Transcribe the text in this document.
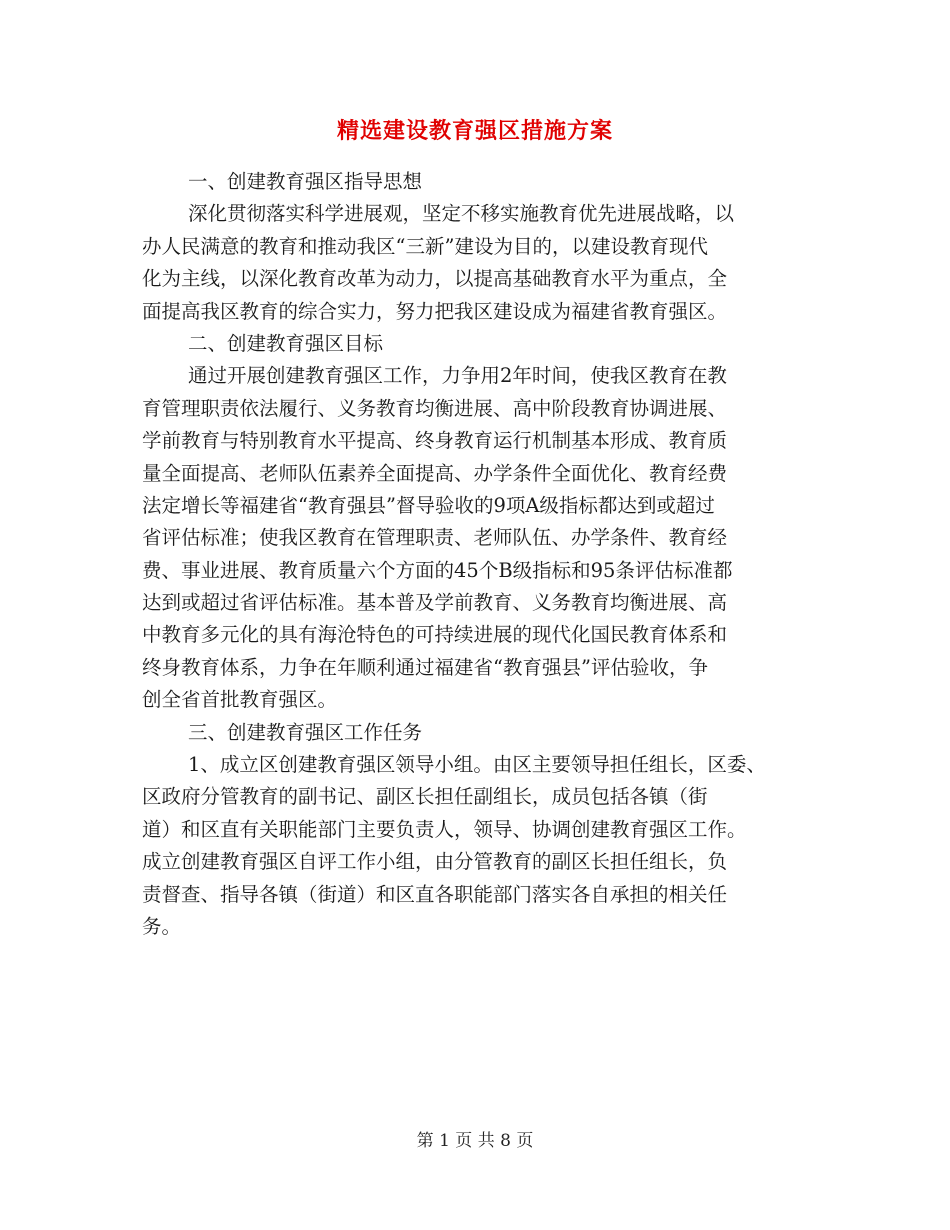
精选建设教育强区措施方案
一、创建教育强区指导思想
深化贯彻落实科学进展观，坚定不移实施教育优先进展战略，以
办人民满意的教育和推动我区“三新”建设为目的，以建设教育现代
化为主线，以深化教育改革为动力，以提高基础教育水平为重点，全
面提高我区教育的综合实力，努力把我区建设成为福建省教育强区。
二、创建教育强区目标
通过开展创建教育强区工作，力争用2年时间，使我区教育在教
育管理职责依法履行、义务教育均衡进展、高中阶段教育协调进展、
学前教育与特别教育水平提高、终身教育运行机制基本形成、教育质
量全面提高、老师队伍素养全面提高、办学条件全面优化、教育经费
法定增长等福建省“教育强县”督导验收的9项A级指标都达到或超过
省评估标准；使我区教育在管理职责、老师队伍、办学条件、教育经
费、事业进展、教育质量六个方面的45个B级指标和95条评估标准都
达到或超过省评估标准。基本普及学前教育、义务教育均衡进展、高
中教育多元化的具有海沧特色的可持续进展的现代化国民教育体系和
终身教育体系，力争在年顺利通过福建省“教育强县”评估验收，争
创全省首批教育强区。
三、创建教育强区工作任务
1、成立区创建教育强区领导小组。由区主要领导担任组长，区委、
区政府分管教育的副书记、副区长担任副组长，成员包括各镇（街
道）和区直有关职能部门主要负责人，领导、协调创建教育强区工作。
成立创建教育强区自评工作小组，由分管教育的副区长担任组长，负
责督查、指导各镇（街道）和区直各职能部门落实各自承担的相关任
务。
第 1 页 共 8 页
